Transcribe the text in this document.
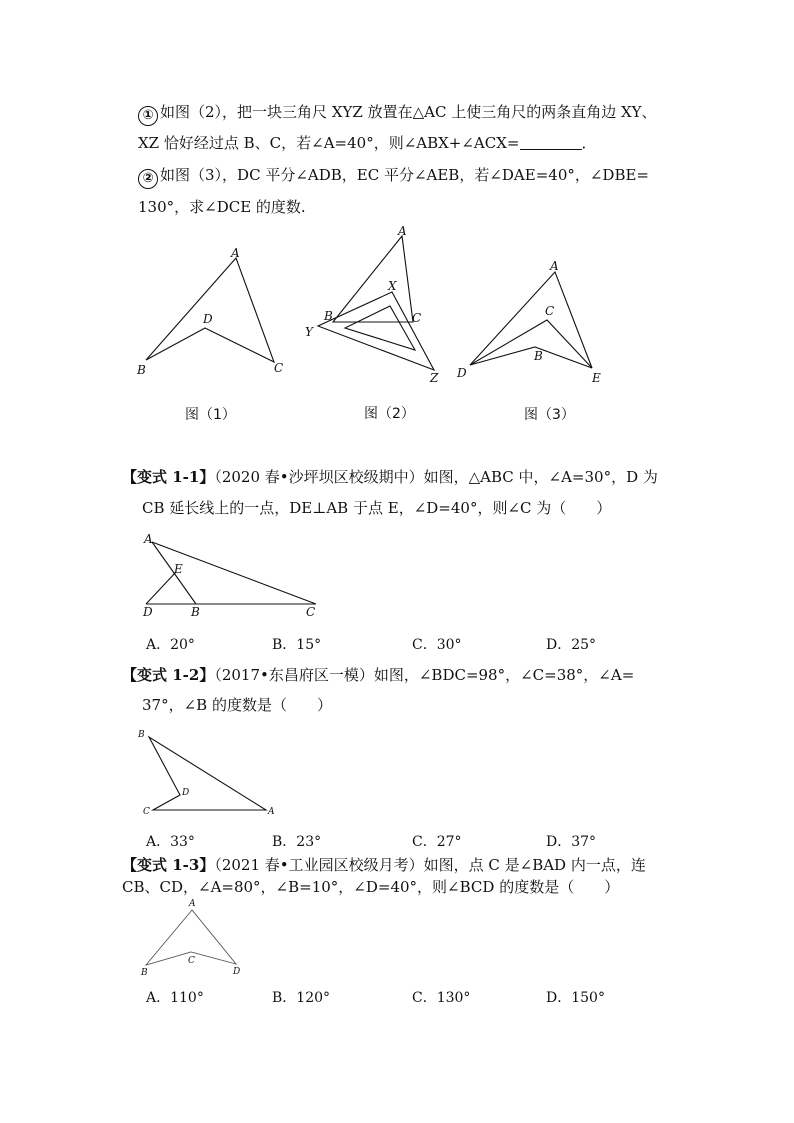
① 如图（2），把一块三角尺 XYZ 放置在△AC 上使三角尺的两条直角边 XY、
XZ 恰好经过点 B、C，若∠A=40°，则∠ABX+∠ACX=	．
② 如图（3），DC 平分∠ADB，EC 平分∠AEB，若∠DAE=40°，∠DBE=
130°，求∠DCE 的度数.
A
B	C
D
A
B	C
X
Y
Z
A
C
B
D	E
A
E
D	B	C
B
D
C	A
A
B
C
D
图（1）	图（2）	图（3）
【变式 1-1】（2020 春•沙坪坝区校级期中）如图，△ABC 中，∠A=30°，D 为
CB 延长线上的一点，DE⊥AB 于点 E，∠D=40°，则∠C 为（　　）
A．20°	B．15°	C．30°	D．25°
【变式 1-2】（2017•东昌府区一模）如图，∠BDC=98°，∠C=38°，∠A=
37°，∠B 的度数是（　　）
A．33°	B．23°	C．27°	D．37°
【变式 1-3】（2021 春•工业园区校级月考）如图，点 C 是∠BAD 内一点，连
CB、CD，∠A=80°，∠B=10°，∠D=40°，则∠BCD 的度数是（　　）
A．110°	B．120°	C．130°	D．150°
